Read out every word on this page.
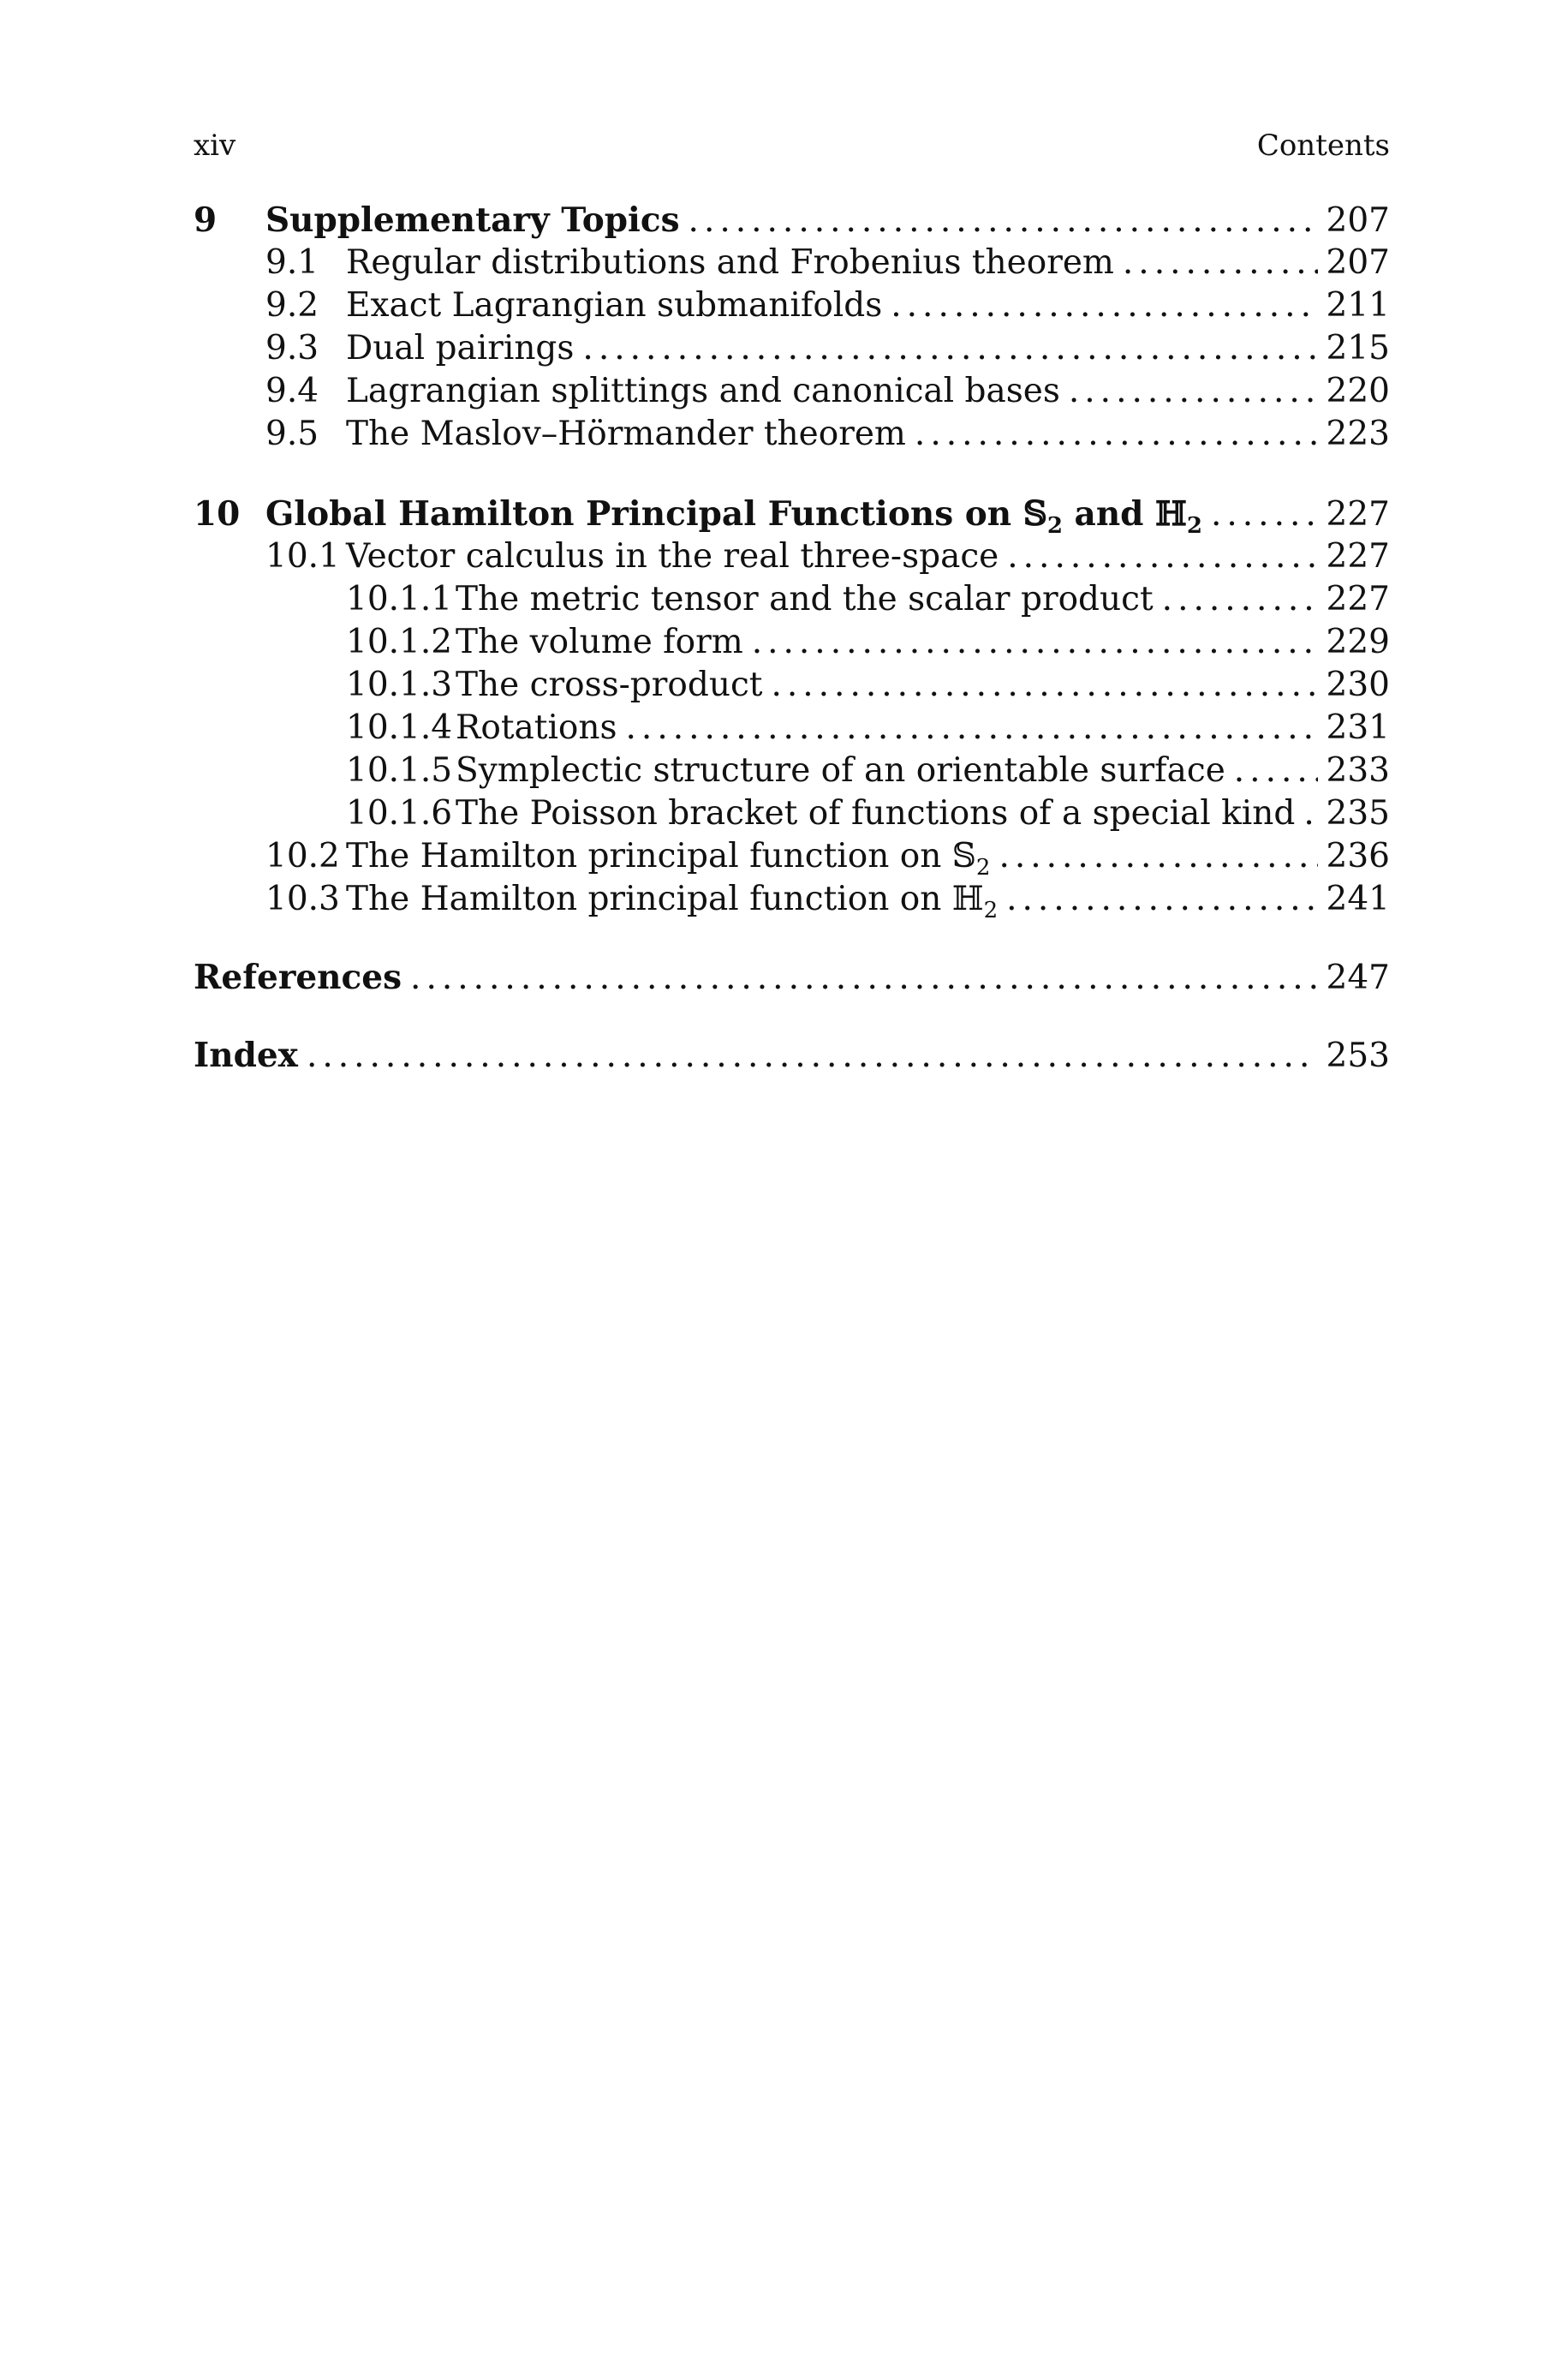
xiv	Contents
9	Supplementary Topics .....	207
9.1 Regular distributions and Frobenius theorem .....	207
9.2 Exact Lagrangian submanifolds .....	211
9.3 Dual pairings .....	215
9.4 Lagrangian splittings and canonical bases .....	220
9.5 The Maslov–Hörmander theorem .....	223
10 Global Hamilton Principal Functions on 𝕊$_2$ and ℍ$_2$ .....	227
10.1 Vector calculus in the real three-space .....	227
10.1.1 The metric tensor and the scalar product .....	227
10.1.2 The volume form .....	229
10.1.3 The cross-product .....	230
10.1.4 Rotations .....	231
10.1.5 Symplectic structure of an orientable surface .....	233
10.1.6 The Poisson bracket of functions of a special kind ..... 235
10.2 The Hamilton principal function on 𝕊$_2$ .....	236
10.3 The Hamilton principal function on ℍ$_2$ .....	241
References .....	247
Index .....	253
